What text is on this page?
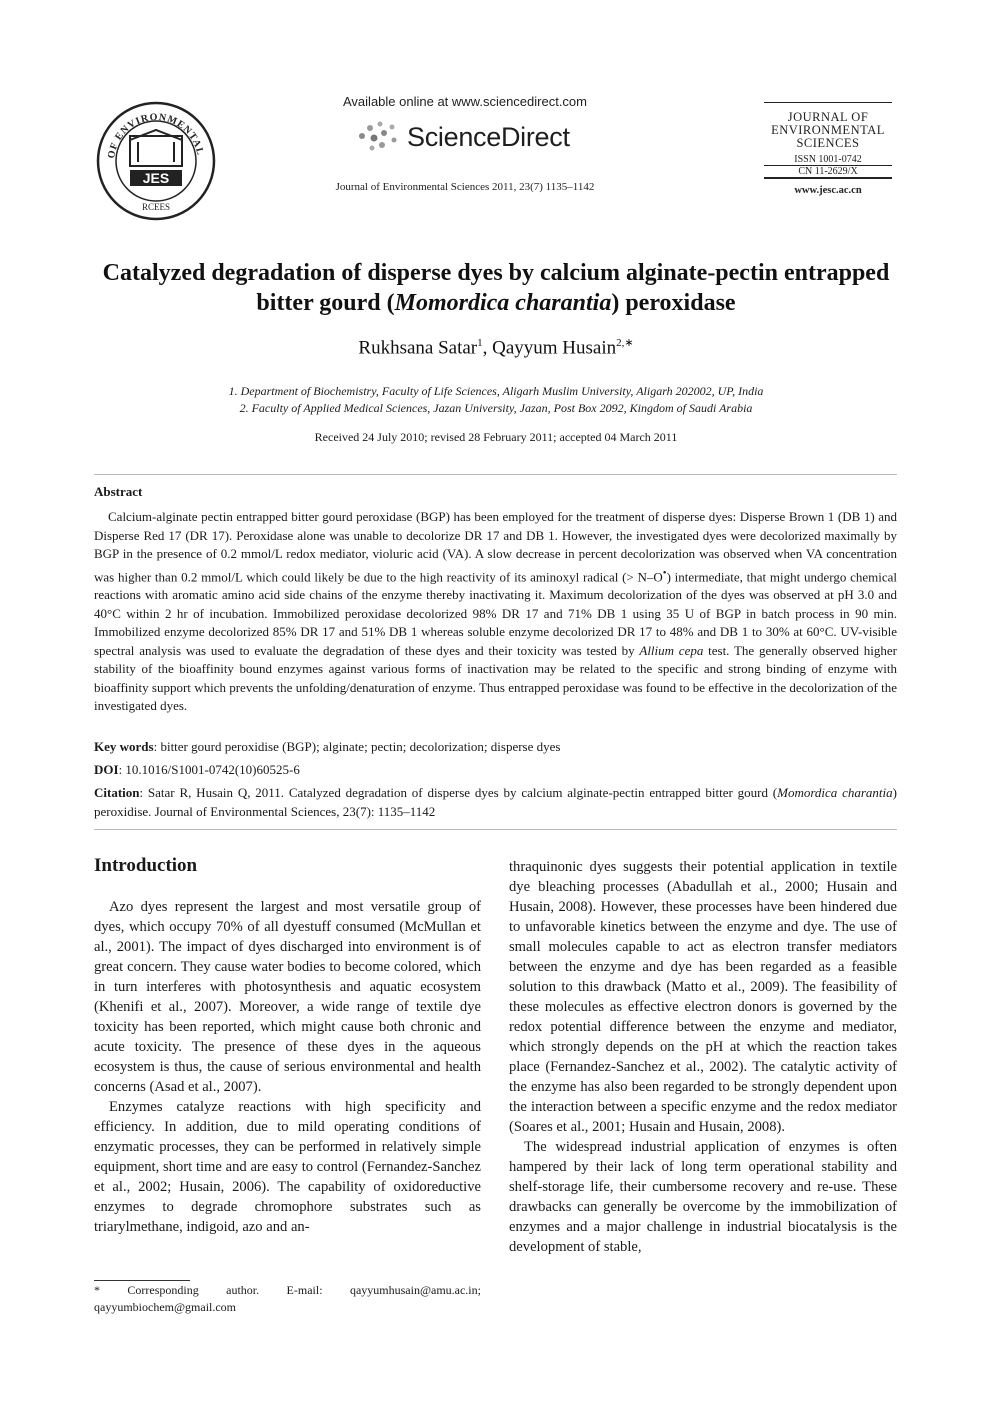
OF ENVIRONMENTAL
JES
RCEES
Available online at www.sciencedirect.com
ScienceDirect
Journal of Environmental Sciences 2011, 23(7) 1135–1142
JOURNAL OF
ENVIRONMENTAL
SCIENCES
ISSN 1001-0742
CN 11-2629/X
www.jesc.ac.cn
Catalyzed degradation of disperse dyes by calcium alginate-pectin entrapped
bitter gourd (Momordica charantia) peroxidase
Rukhsana Satar$^1$, Qayyum Husain$^{2,∗}$
1. Department of Biochemistry, Faculty of Life Sciences, Aligarh Muslim University, Aligarh 202002, UP, India
2. Faculty of Applied Medical Sciences, Jazan University, Jazan, Post Box 2092, Kingdom of Saudi Arabia
Received 24 July 2010; revised 28 February 2011; accepted 04 March 2011
Abstract
Calcium-alginate pectin entrapped bitter gourd peroxidase (BGP) has been employed for the treatment of disperse dyes: Disperse Brown 1 (DB 1) and Disperse Red 17 (DR 17). Peroxidase alone was unable to decolorize DR 17 and DB 1. However, the investigated dyes were decolorized maximally by BGP in the presence of 0.2 mmol/L redox mediator, violuric acid (VA). A slow decrease in percent decolorization was observed when VA concentration was higher than 0.2 mmol/L which could likely be due to the high reactivity of its aminoxyl radical (> N–O•) intermediate, that might undergo chemical reactions with aromatic amino acid side chains of the enzyme thereby inactivating it. Maximum decolorization of the dyes was observed at pH 3.0 and 40°C within 2 hr of incubation. Immobilized peroxidase decolorized 98% DR 17 and 71% DB 1 using 35 U of BGP in batch process in 90 min. Immobilized enzyme decolorized 85% DR 17 and 51% DB 1 whereas soluble enzyme decolorized DR 17 to 48% and DB 1 to 30% at 60°C. UV-visible spectral analysis was used to evaluate the degradation of these dyes and their toxicity was tested by Allium cepa test. The generally observed higher stability of the bioaffinity bound enzymes against various forms of inactivation may be related to the specific and strong binding of enzyme with bioaffinity support which prevents the unfolding/denaturation of enzyme. Thus entrapped peroxidase was found to be effective in the decolorization of the investigated dyes.
Key words: bitter gourd peroxidise (BGP); alginate; pectin; decolorization; disperse dyes
DOI: 10.1016/S1001-0742(10)60525-6
Citation: Satar R, Husain Q, 2011. Catalyzed degradation of disperse dyes by calcium alginate-pectin entrapped bitter gourd (Momordica charantia) peroxidise. Journal of Environmental Sciences, 23(7): 1135–1142
Introduction

Azo dyes represent the largest and most versatile group of dyes, which occupy 70% of all dyestuff consumed (McMullan et al., 2001). The impact of dyes discharged into environment is of great concern. They cause water bodies to become colored, which in turn interferes with photosynthesis and aquatic ecosystem (Khenifi et al., 2007). Moreover, a wide range of textile dye toxicity has been reported, which might cause both chronic and acute toxicity. The presence of these dyes in the aqueous ecosystem is thus, the cause of serious environmental and health concerns (Asad et al., 2007).

Enzymes catalyze reactions with high specificity and efficiency. In addition, due to mild operating conditions of enzymatic processes, they can be performed in relatively simple equipment, short time and are easy to control (Fernandez-Sanchez et al., 2002; Husain, 2006). The capability of oxidoreductive enzymes to degrade chromophore substrates such as triarylmethane, indigoid, azo and an-

thraquinonic dyes suggests their potential application in textile dye bleaching processes (Abadullah et al., 2000; Husain and Husain, 2008). However, these processes have been hindered due to unfavorable kinetics between the enzyme and dye. The use of small molecules capable to act as electron transfer mediators between the enzyme and dye has been regarded as a feasible solution to this drawback (Matto et al., 2009). The feasibility of these molecules as effective electron donors is governed by the redox potential difference between the enzyme and mediator, which strongly depends on the pH at which the reaction takes place (Fernandez-Sanchez et al., 2002). The catalytic activity of the enzyme has also been regarded to be strongly dependent upon the interaction between a specific enzyme and the redox mediator (Soares et al., 2001; Husain and Husain, 2008).

The widespread industrial application of enzymes is often hampered by their lack of long term operational stability and shelf-storage life, their cumbersome recovery and re-use. These drawbacks can generally be overcome by the immobilization of enzymes and a major challenge in industrial biocatalysis is the development of stable,

* Corresponding author. E-mail: qayyumhusain@amu.ac.in;
qayyumbiochem@gmail.com
